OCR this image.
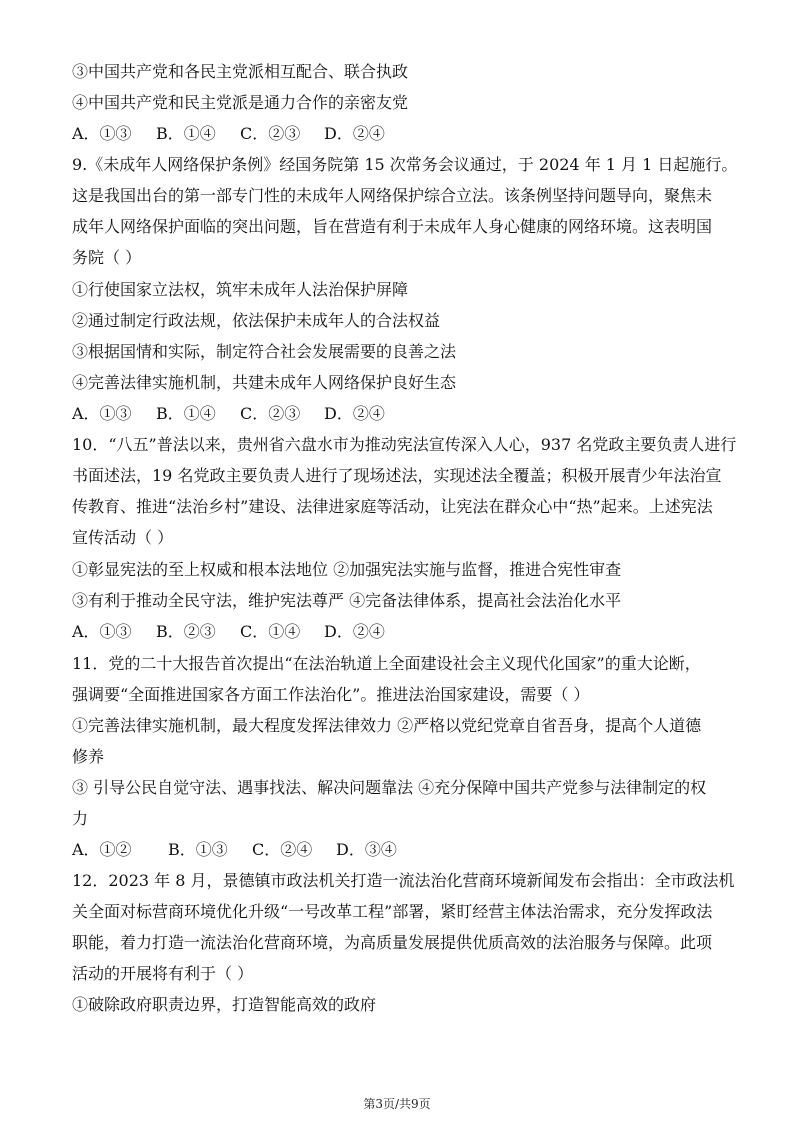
③中国共产党和各民主党派相互配合、联合执政
④中国共产党和民主党派是通力合作的亲密友党
A．①③ B．①④ C．②③ D．②④
9.《未成年人网络保护条例》经国务院第 15 次常务会议通过，于 2024 年 1 月 1 日起施行。
这是我国出台的第一部专门性的未成年人网络保护综合立法。该条例坚持问题导向，聚焦未
成年人网络保护面临的突出问题，旨在营造有利于未成年人身心健康的网络环境。这表明国
务院（ ）
①行使国家立法权，筑牢未成年人法治保护屏障
②通过制定行政法规，依法保护未成年人的合法权益
③根据国情和实际，制定符合社会发展需要的良善之法
④完善法律实施机制，共建未成年人网络保护良好生态
A．①③ B．①④ C．②③ D．②④
10．“八五”普法以来，贵州省六盘水市为推动宪法宣传深入人心，937 名党政主要负责人进行
书面述法，19 名党政主要负责人进行了现场述法，实现述法全覆盖；积极开展青少年法治宣
传教育、推进“法治乡村”建设、法律进家庭等活动，让宪法在群众心中“热”起来。上述宪法
宣传活动（ ）
①彰显宪法的至上权威和根本法地位 ②加强宪法实施与监督，推进合宪性审查
③有利于推动全民守法，维护宪法尊严 ④完备法律体系，提高社会法治化水平
A．①③ B．②③ C．①④ D．②④
11．党的二十大报告首次提出“在法治轨道上全面建设社会主义现代化国家”的重大论断，
强调要“全面推进国家各方面工作法治化”。推进法治国家建设，需要（ ）
①完善法律实施机制，最大程度发挥法律效力 ②严格以党纪党章自省吾身，提高个人道德
修养
③ 引导公民自觉守法、遇事找法、解决问题靠法 ④充分保障中国共产党参与法律制定的权
力
A．①② B．①③ C．②④ D．③④
12．2023 年 8 月，景德镇市政法机关打造一流法治化营商环境新闻发布会指出：全市政法机
关全面对标营商环境优化升级“一号改革工程”部署，紧盯经营主体法治需求，充分发挥政法
职能，着力打造一流法治化营商环境，为高质量发展提供优质高效的法治服务与保障。此项
活动的开展将有利于（ ）
①破除政府职责边界，打造智能高效的政府
第3页/共9页
